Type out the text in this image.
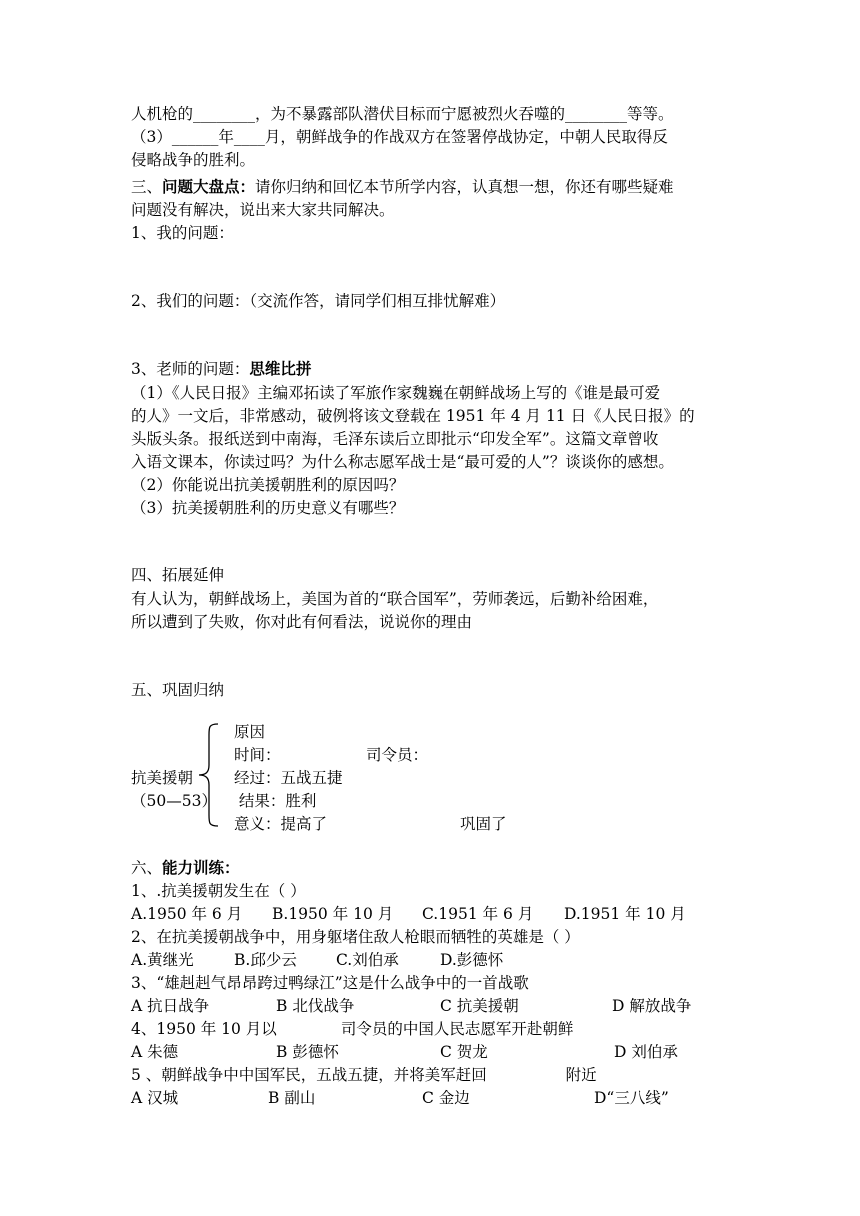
人机枪的________，为不暴露部队潜伏目标而宁愿被烈火吞噬的________等等。
（3）______年____月，朝鲜战争的作战双方在签署停战协定，中朝人民取得反
侵略战争的胜利。
三、问题大盘点：请你归纳和回忆本节所学内容，认真想一想，你还有哪些疑难
问题没有解决，说出来大家共同解决。
1、我的问题：
2、我们的问题：（交流作答，请同学们相互排忧解难）
3、老师的问题：思维比拼
（1）《人民日报》主编邓拓读了军旅作家魏巍在朝鲜战场上写的《谁是最可爱
的人》一文后，非常感动，破例将该文登载在 1951 年 4 月 11 日《人民日报》的
头版头条。报纸送到中南海，毛泽东读后立即批示“印发全军”。这篇文章曾收
入语文课本，你读过吗？为什么称志愿军战士是“最可爱的人”？谈谈你的感想。
（2）你能说出抗美援朝胜利的原因吗？
（3）抗美援朝胜利的历史意义有哪些？
四、拓展延伸
有人认为，朝鲜战场上，美国为首的“联合国军”，劳师袭远，后勤补给困难，
所以遭到了失败，你对此有何看法，说说你的理由
五、巩固归纳
原因
时间：	司令员：
抗美援朝	经过：五战五捷
（50—53） 结果：胜利
意义：提高了	巩固了
六、能力训练：
1、.抗美援朝发生在（ ）
A.1950 年 6 月 B.1950 年 10 月 C.1951 年 6 月 D.1951 年 10 月
2、在抗美援朝战争中，用身躯堵住敌人枪眼而牺牲的英雄是（ ）
A.黄继光	B.邱少云	C.刘伯承	D.彭德怀
3、“雄赳赳气昂昂跨过鸭绿江”这是什么战争中的一首战歌
A 抗日战争	B 北伐战争	C 抗美援朝	D 解放战争
4、1950 年 10 月以             司令员的中国人民志愿军开赴朝鲜
A 朱德	B 彭德怀	C 贺龙	D 刘伯承
5 、朝鲜战争中中国军民，五战五捷，并将美军赶回                附近
A 汉城	B 副山	C 金边	D“三八线”
